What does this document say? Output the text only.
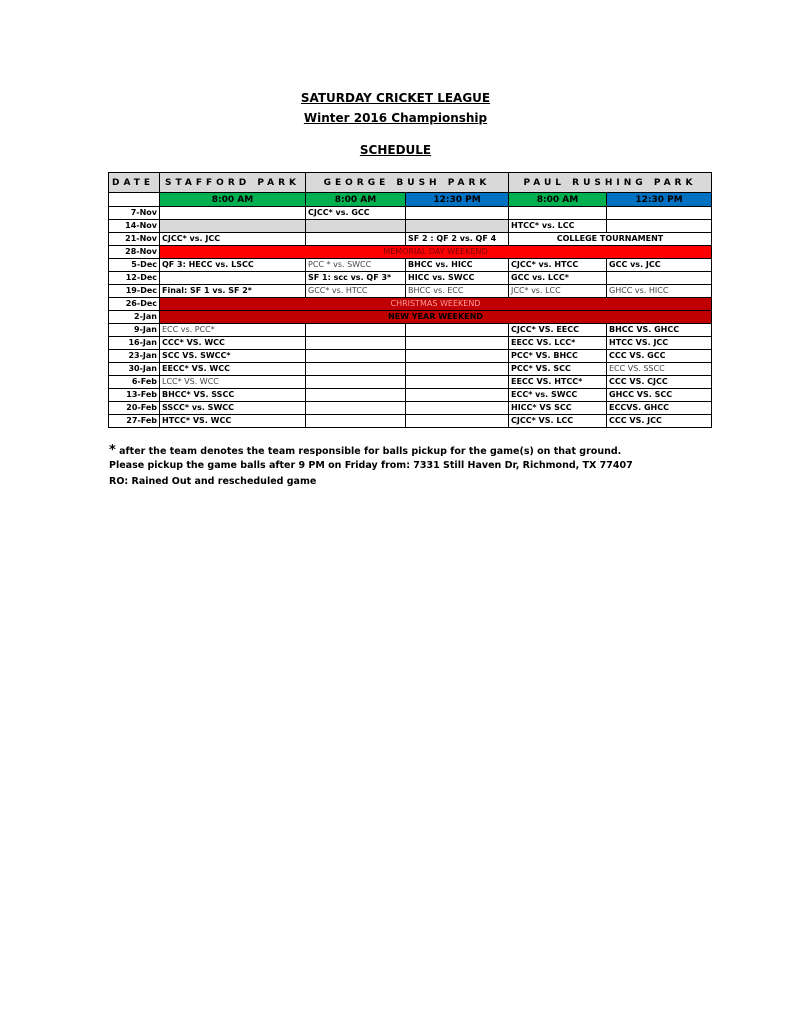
SATURDAY CRICKET LEAGUE
Winter 2016 Championship
SCHEDULE
DATE	STAFFORD PARK	GEORGE BUSH PARK		PAUL RUSHING PARK	
	8:00 AM	8:00 AM	12:30 PM	8:00 AM	12:30 PM
7-Nov		CJCC* vs. GCC			
14-Nov				HTCC* vs. LCC	
21-Nov	CJCC* vs. JCC		SF 2 : QF 2 vs. QF 4	COLLEGE TOURNAMENT	
28-Nov	MEMORIAL DAY WEEKEND				
5-Dec	QF 3: HECC vs. LSCC	PCC * vs. SWCC	BHCC vs. HICC	CJCC* vs. HTCC	GCC vs. JCC
12-Dec		SF 1: scc vs. QF 3*	HICC vs. SWCC	GCC vs. LCC*	
19-Dec	Final: SF 1 vs. SF 2*	GCC* vs. HTCC	BHCC vs. ECC	JCC* vs. LCC	GHCC vs. HICC
26-Dec	CHRISTMAS WEEKEND				
2-Jan	NEW YEAR WEEKEND				
9-Jan	ECC vs. PCC*			CJCC* VS. EECC	BHCC VS. GHCC
16-Jan	CCC* VS. WCC			EECC VS. LCC*	HTCC VS. JCC
23-Jan	SCC VS. SWCC*			PCC* VS. BHCC	CCC VS. GCC
30-Jan	EECC* VS. WCC			PCC* VS. SCC	ECC VS. SSCC
6-Feb	LCC* VS. WCC			EECC VS. HTCC*	CCC VS. CJCC
13-Feb	BHCC* VS. SSCC			ECC* vs. SWCC	GHCC VS. SCC
20-Feb	SSCC* vs. SWCC			HICC* VS SCC	ECCVS. GHCC
27-Feb	HTCC* VS. WCC			CJCC* VS. LCC	CCC VS. JCC
* after the team denotes the team responsible for balls pickup for the game(s) on that ground.
Please pickup the game balls after 9 PM on Friday from: 7331 Still Haven Dr, Richmond, TX 77407
RO: Rained Out and rescheduled game
